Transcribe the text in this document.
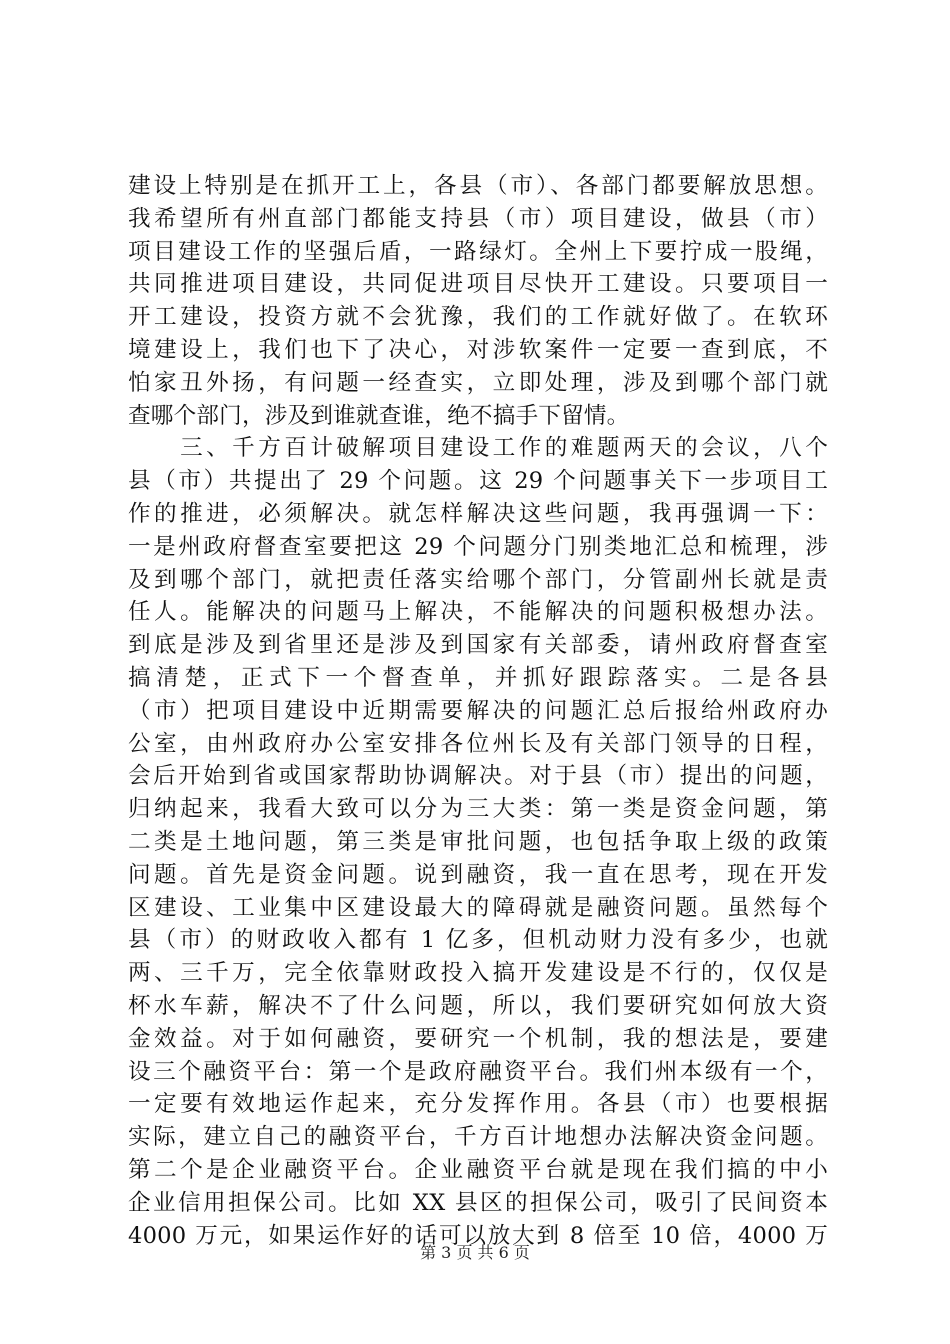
建设上特别是在抓开工上，各县（市）、各部门都要解放思想。
我希望所有州直部门都能支持县（市）项目建设，做县（市）
项目建设工作的坚强后盾，一路绿灯。全州上下要拧成一股绳，
共同推进项目建设，共同促进项目尽快开工建设。只要项目一
开工建设，投资方就不会犹豫，我们的工作就好做了。在软环
境建设上，我们也下了决心，对涉软案件一定要一查到底，不
怕家丑外扬，有问题一经查实，立即处理，涉及到哪个部门就
查哪个部门，涉及到谁就查谁，绝不搞手下留情。
　　三、千方百计破解项目建设工作的难题两天的会议，八个
县（市）共提出了 29 个问题。这 29 个问题事关下一步项目工
作的推进，必须解决。就怎样解决这些问题，我再强调一下：
一是州政府督查室要把这 29 个问题分门别类地汇总和梳理，涉
及到哪个部门，就把责任落实给哪个部门，分管副州长就是责
任人。能解决的问题马上解决，不能解决的问题积极想办法。
到底是涉及到省里还是涉及到国家有关部委，请州政府督查室
搞清楚，正式下一个督查单，并抓好跟踪落实。二是各县
（市）把项目建设中近期需要解决的问题汇总后报给州政府办
公室，由州政府办公室安排各位州长及有关部门领导的日程，
会后开始到省或国家帮助协调解决。对于县（市）提出的问题，
归纳起来，我看大致可以分为三大类：第一类是资金问题，第
二类是土地问题，第三类是审批问题，也包括争取上级的政策
问题。首先是资金问题。说到融资，我一直在思考，现在开发
区建设、工业集中区建设最大的障碍就是融资问题。虽然每个
县（市）的财政收入都有 1 亿多，但机动财力没有多少，也就
两、三千万，完全依靠财政投入搞开发建设是不行的，仅仅是
杯水车薪，解决不了什么问题，所以，我们要研究如何放大资
金效益。对于如何融资，要研究一个机制，我的想法是，要建
设三个融资平台：第一个是政府融资平台。我们州本级有一个，
一定要有效地运作起来，充分发挥作用。各县（市）也要根据
实际，建立自己的融资平台，千方百计地想办法解决资金问题。
第二个是企业融资平台。企业融资平台就是现在我们搞的中小
企业信用担保公司。比如 XX 县区的担保公司，吸引了民间资本
4000 万元，如果运作好的话可以放大到 8 倍至 10 倍，4000 万
第 3 页 共 6 页
